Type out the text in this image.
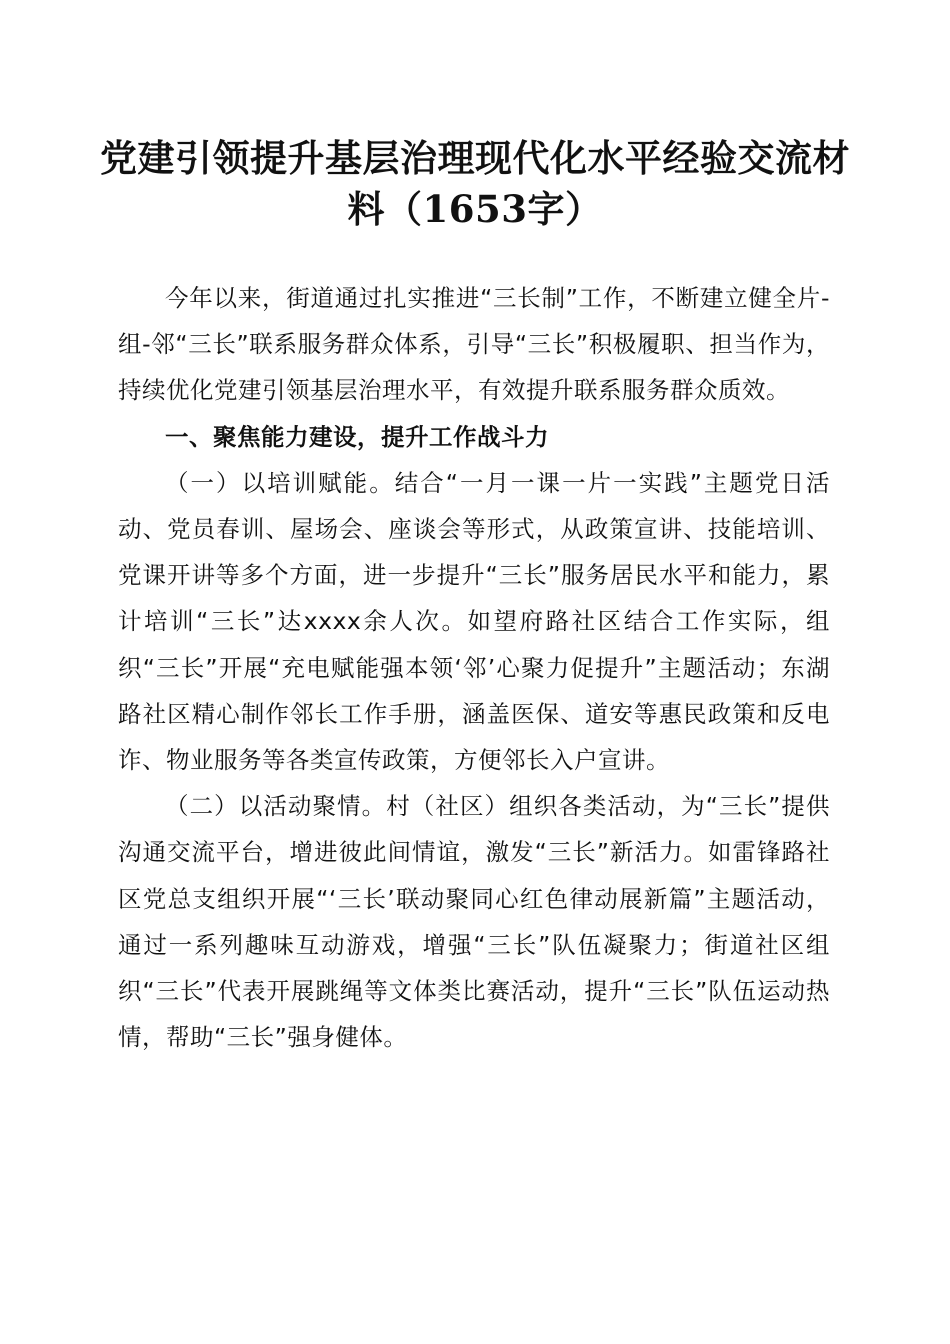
党建引领提升基层治理现代化水平经验交流材
料（1653字）

今年以来，街道通过扎实推进“三长制”工作，不断建立健全片-组-邻“三长”联系服务群众体系，引导“三长”积极履职、担当作为，持续优化党建引领基层治理水平，有效提升联系服务群众质效。

一、聚焦能力建设，提升工作战斗力

（一）以培训赋能。结合“一月一课一片一实践”主题党日活动、党员春训、屋场会、座谈会等形式，从政策宣讲、技能培训、党课开讲等多个方面，进一步提升“三长”服务居民水平和能力，累计培训“三长”达xxxx余人次。如望府路社区结合工作实际，组织“三长”开展“充电赋能强本领‘邻’心聚力促提升”主题活动；东湖路社区精心制作邻长工作手册，涵盖医保、道安等惠民政策和反电诈、物业服务等各类宣传政策，方便邻长入户宣讲。

（二）以活动聚情。村（社区）组织各类活动，为“三长”提供沟通交流平台，增进彼此间情谊，激发“三长”新活力。如雷锋路社区党总支组织开展“‘三长’联动聚同心红色律动展新篇”主题活动，通过一系列趣味互动游戏，增强“三长”队伍凝聚力；街道社区组织“三长”代表开展跳绳等文体类比赛活动，提升“三长”队伍运动热情，帮助“三长”强身健体。
